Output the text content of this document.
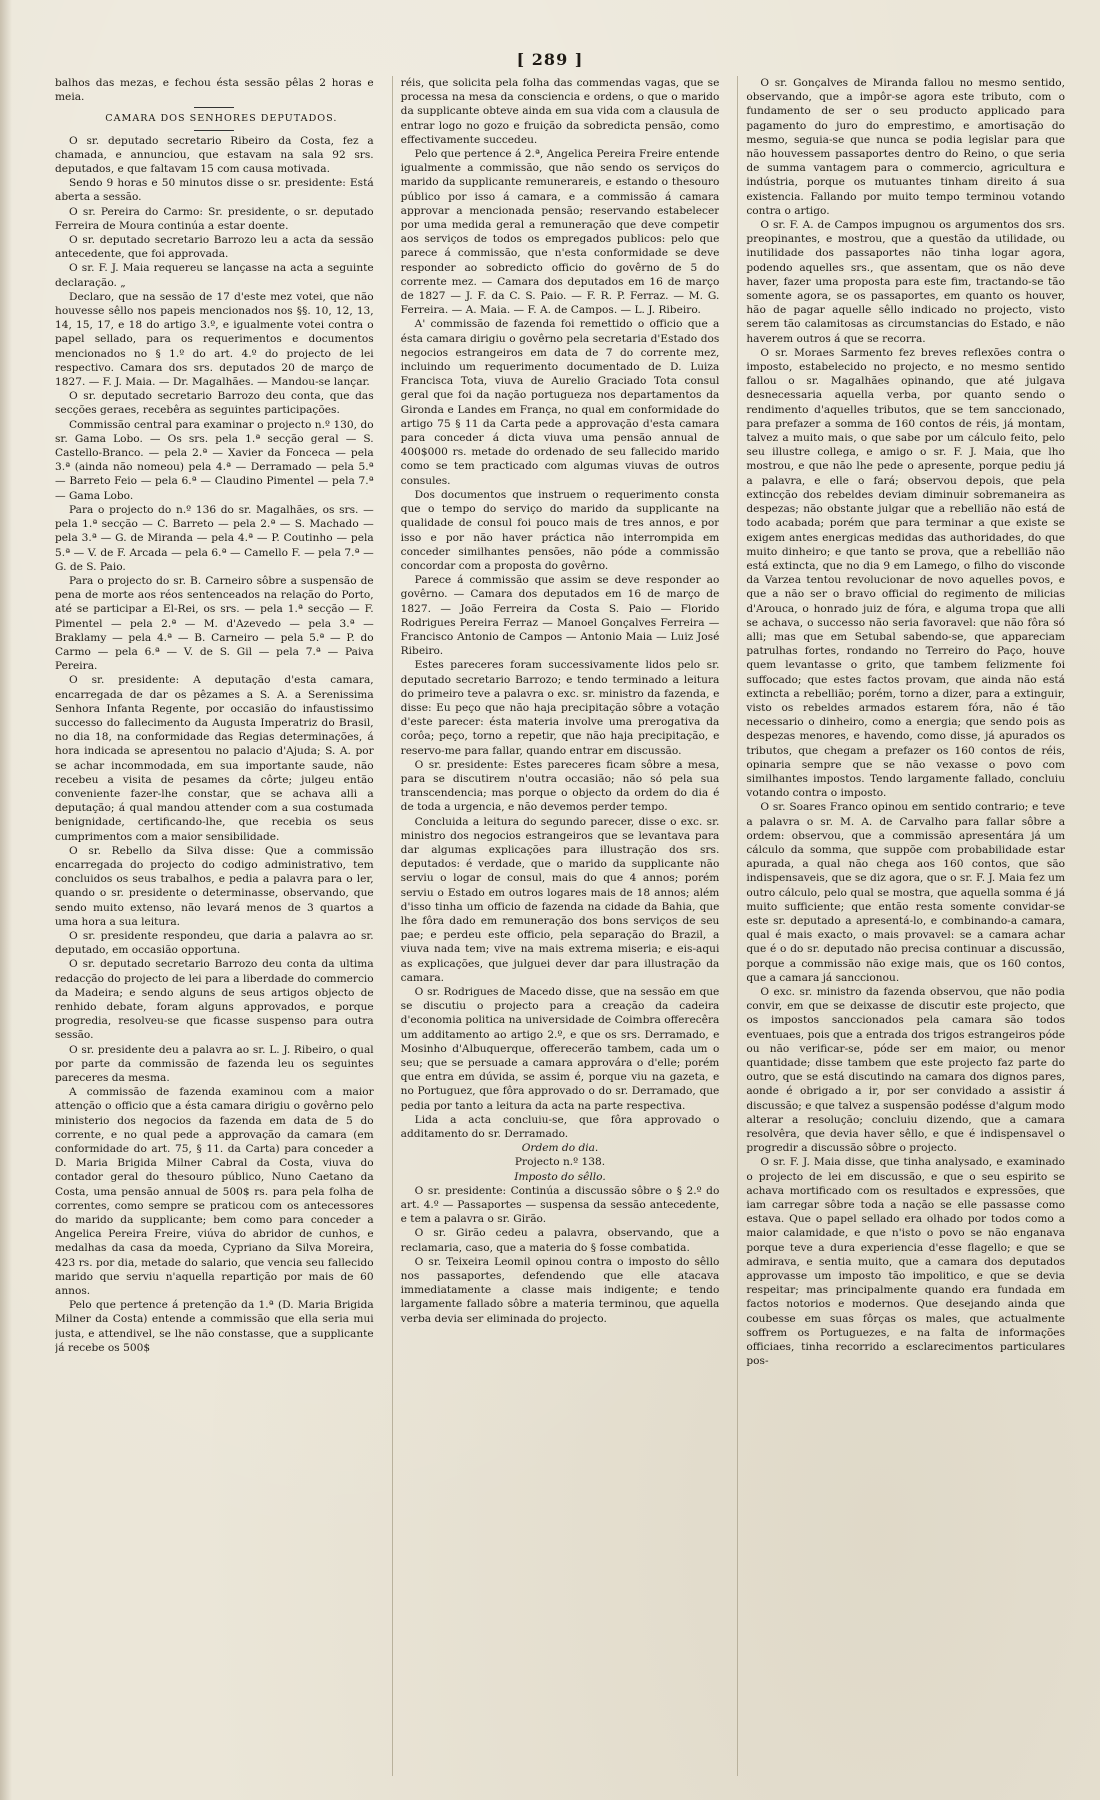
[ 289 ]

balhos das mezas, e fechou ésta sessão pêlas 2 horas e meia.

CAMARA DOS SENHORES DEPUTADOS.

O sr. deputado secretario Ribeiro da Costa, fez a chamada, e annunciou, que estavam na sala 92 srs. deputados, e que faltavam 15 com causa motivada.

Sendo 9 horas e 50 minutos disse o sr. presidente: Está aberta a sessão.

O sr. Pereira do Carmo: Sr. presidente, o sr. deputado Ferreira de Moura continúa a estar doente.

O sr. deputado secretario Barrozo leu a acta da sessão antecedente, que foi approvada.

O sr. F. J. Maia requereu se lançasse na acta a seguinte declaração. „

Declaro, que na sessão de 17 d'este mez votei, que não houvesse sêllo nos papeis mencionados nos §§. 10, 12, 13, 14, 15, 17, e 18 do artigo 3.º, e igualmente votei contra o papel sellado, para os requerimentos e documentos mencionados no § 1.º do art. 4.º do projecto de lei respectivo. Camara dos srs. deputados 20 de março de 1827. — F. J. Maia. — Dr. Magalhães. — Mandou-se lançar.

O sr. deputado secretario Barrozo deu conta, que das secções geraes, recebêra as seguintes participações.

Commissão central para examinar o projecto n.º 130, do sr. Gama Lobo. — Os srs. pela 1.ª secção geral — S. Castello-Branco. — pela 2.ª — Xavier da Fonceca — pela 3.ª (ainda não nomeou) pela 4.ª — Derramado — pela 5.ª — Barreto Feio — pela 6.ª — Claudino Pimentel — pela 7.ª — Gama Lobo.

Para o projecto do n.º 136 do sr. Magalhães, os srs. — pela 1.ª secção — C. Barreto — pela 2.ª — S. Machado — pela 3.ª — G. de Miranda — pela 4.ª — P. Coutinho — pela 5.ª — V. de F. Arcada — pela 6.ª — Camello F. — pela 7.ª — G. de S. Paio.

Para o projecto do sr. B. Carneiro sôbre a suspensão de pena de morte aos réos sentenceados na relação do Porto, até se participar a El-Rei, os srs. — pela 1.ª secção — F. Pimentel — pela 2.ª — M. d'Azevedo — pela 3.ª — Braklamy — pela 4.ª — B. Carneiro — pela 5.ª — P. do Carmo — pela 6.ª — V. de S. Gil — pela 7.ª — Paiva Pereira.

O sr. presidente: A deputação d'esta camara, encarregada de dar os pêzames a S. A. a Serenissima Senhora Infanta Regente, por occasião do infaustissimo successo do fallecimento da Augusta Imperatriz do Brasil, no dia 18, na conformidade das Regias determinações, á hora indicada se apresentou no palacio d'Ajuda; S. A. por se achar incommodada, em sua importante saude, não recebeu a visita de pesames da côrte; julgeu então conveniente fazer-lhe constar, que se achava alli a deputação; á qual mandou attender com a sua costumada benignidade, certificando-lhe, que recebia os seus cumprimentos com a maior sensibilidade.

O sr. Rebello da Silva disse: Que a commissão encarregada do projecto do codigo administrativo, tem concluidos os seus trabalhos, e pedia a palavra para o ler, quando o sr. presidente o determinasse, observando, que sendo muito extenso, não levará menos de 3 quartos a uma hora a sua leitura.

O sr. presidente respondeu, que daria a palavra ao sr. deputado, em occasião opportuna.

O sr. deputado secretario Barrozo deu conta da ultima redacção do projecto de lei para a liberdade do commercio da Madeira; e sendo alguns de seus artigos objecto de renhido debate, foram alguns approvados, e porque progredia, resolveu-se que ficasse suspenso para outra sessão.

O sr. presidente deu a palavra ao sr. L. J. Ribeiro, o qual por parte da commissão de fazenda leu os seguintes pareceres da mesma.

A commissão de fazenda examinou com a maior attenção o officio que a ésta camara dirigiu o govêrno pelo ministerio dos negocios da fazenda em data de 5 do corrente, e no qual pede a approvação da camara (em conformidade do art. 75, § 11. da Carta) para conceder a D. Maria Brigida Milner Cabral da Costa, viuva do contador geral do thesouro público, Nuno Caetano da Costa, uma pensão annual de 500$ rs. para pela folha de correntes, como sempre se praticou com os antecessores do marido da supplicante; bem como para conceder a Angelica Pereira Freire, viúva do abridor de cunhos, e medalhas da casa da moeda, Cypriano da Silva Moreira, 423 rs. por dia, metade do salario, que vencia seu fallecido marido que serviu n'aquella repartição por mais de 60 annos.

Pelo que pertence á pretenção da 1.ª (D. Maria Brigida Milner da Costa) entende a commissão que ella seria mui justa, e attendivel, se lhe não constasse, que a supplicante já recebe os 500$

réis, que solicita pela folha das commendas vagas, que se processa na mesa da consciencia e ordens, o que o marido da supplicante obteve ainda em sua vida com a clausula de entrar logo no gozo e fruição da sobredicta pensão, como effectivamente succedeu.

Pelo que pertence á 2.ª, Angelica Pereira Freire entende igualmente a commissão, que não sendo os serviços do marido da supplicante remunerareis, e estando o thesouro público por isso á camara, e a commissão á camara approvar a mencionada pensão; reservando estabelecer por uma medida geral a remuneração que deve competir aos serviços de todos os empregados publicos: pelo que parece á commissão, que n'esta conformidade se deve responder ao sobredicto officio do govêrno de 5 do corrente mez. — Camara dos deputados em 16 de março de 1827 — J. F. da C. S. Paio. — F. R. P. Ferraz. — M. G. Ferreira. — A. Maia. — F. A. de Campos. — L. J. Ribeiro.

A' commissão de fazenda foi remettido o officio que a ésta camara dirigiu o govêrno pela secretaria d'Estado dos negocios estrangeiros em data de 7 do corrente mez, incluindo um requerimento documentado de D. Luiza Francisca Tota, viuva de Aurelio Graciado Tota consul geral que foi da nação portugueza nos departamentos da Gironda e Landes em França, no qual em conformidade do artigo 75 § 11 da Carta pede a approvação d'esta camara para conceder á dicta viuva uma pensão annual de 400$000 rs. metade do ordenado de seu fallecido marido como se tem practicado com algumas viuvas de outros consules.

Dos documentos que instruem o requerimento consta que o tempo do serviço do marido da supplicante na qualidade de consul foi pouco mais de tres annos, e por isso e por não haver práctica não interrompida em conceder similhantes pensões, não póde a commissão concordar com a proposta do govêrno.

Parece á commissão que assim se deve responder ao govêrno. — Camara dos deputados em 16 de março de 1827. — João Ferreira da Costa S. Paio — Florido Rodrigues Pereira Ferraz — Manoel Gonçalves Ferreira — Francisco Antonio de Campos — Antonio Maia — Luiz José Ribeiro.

Estes pareceres foram successivamente lidos pelo sr. deputado secretario Barrozo; e tendo terminado a leitura do primeiro teve a palavra o exc. sr. ministro da fazenda, e disse: Eu peço que não haja precipitação sôbre a votação d'este parecer: ésta materia involve uma prerogativa da corôa; peço, torno a repetir, que não haja precipitação, e reservo-me para fallar, quando entrar em discussão.

O sr. presidente: Estes pareceres ficam sôbre a mesa, para se discutirem n'outra occasião; não só pela sua transcendencia; mas porque o objecto da ordem do dia é de toda a urgencia, e não devemos perder tempo.

Concluida a leitura do segundo parecer, disse o exc. sr. ministro dos negocios estrangeiros que se levantava para dar algumas explicações para illustração dos srs. deputados: é verdade, que o marido da supplicante não serviu o logar de consul, mais do que 4 annos; porém serviu o Estado em outros logares mais de 18 annos; além d'isso tinha um officio de fazenda na cidade da Bahia, que lhe fôra dado em remuneração dos bons serviços de seu pae; e perdeu este officio, pela separação do Brazil, a viuva nada tem; vive na mais extrema miseria; e eis-aqui as explicações, que julguei dever dar para illustração da camara.

O sr. Rodrigues de Macedo disse, que na sessão em que se discutiu o projecto para a creação da cadeira d'economia politica na universidade de Coimbra offerecêra um additamento ao artigo 2.º, e que os srs. Derramado, e Mosinho d'Albuquerque, offerecerão tambem, cada um o seu; que se persuade a camara approvára o d'elle; porém que entra em dúvida, se assim é, porque viu na gazeta, e no Portuguez, que fôra approvado o do sr. Derramado, que pedia por tanto a leitura da acta na parte respectiva.

Lida a acta concluiu-se, que fôra approvado o additamento do sr. Derramado.

Ordem do dia.

Projecto n.º 138.

Imposto do sêllo.

O sr. presidente: Continúa a discussão sôbre o § 2.º do art. 4.º — Passaportes — suspensa da sessão antecedente, e tem a palavra o sr. Girão.

O sr. Girão cedeu a palavra, observando, que a reclamaria, caso, que a materia do § fosse combatida.

O sr. Teixeira Leomil opinou contra o imposto do sêllo nos passaportes, defendendo que elle atacava immediatamente a classe mais indigente; e tendo largamente fallado sôbre a materia terminou, que aquella verba devia ser eliminada do projecto.

O sr. Gonçalves de Miranda fallou no mesmo sentido, observando, que a impôr-se agora este tributo, com o fundamento de ser o seu producto applicado para pagamento do juro do emprestimo, e amortisação do mesmo, seguia-se que nunca se podia legislar para que não houvessem passaportes dentro do Reino, o que seria de summa vantagem para o commercio, agricultura e indústria, porque os mutuantes tinham direito á sua existencia. Fallando por muito tempo terminou votando contra o artigo.

O sr. F. A. de Campos impugnou os argumentos dos srs. preopinantes, e mostrou, que a questão da utilidade, ou inutilidade dos passaportes não tinha logar agora, podendo aquelles srs., que assentam, que os não deve haver, fazer uma proposta para este fim, tractando-se tão somente agora, se os passaportes, em quanto os houver, hão de pagar aquelle sêllo indicado no projecto, visto serem tão calamitosas as circumstancias do Estado, e não haverem outros á que se recorra.

O sr. Moraes Sarmento fez breves reflexões contra o imposto, estabelecido no projecto, e no mesmo sentido fallou o sr. Magalhães opinando, que até julgava desnecessaria aquella verba, por quanto sendo o rendimento d'aquelles tributos, que se tem sanccionado, para prefazer a somma de 160 contos de réis, já montam, talvez a muito mais, o que sabe por um cálculo feito, pelo seu illustre collega, e amigo o sr. F. J. Maia, que lho mostrou, e que não lhe pede o apresente, porque pediu já a palavra, e elle o fará; observou depois, que pela extincção dos rebeldes deviam diminuir sobremaneira as despezas; não obstante julgar que a rebellião não está de todo acabada; porém que para terminar a que existe se exigem antes energicas medidas das authoridades, do que muito dinheiro; e que tanto se prova, que a rebellião não está extincta, que no dia 9 em Lamego, o filho do visconde da Varzea tentou revolucionar de novo aquelles povos, e que a não ser o bravo official do regimento de milicias d'Arouca, o honrado juiz de fóra, e alguma tropa que alli se achava, o successo não seria favoravel: que não fôra só alli; mas que em Setubal sabendo-se, que appareciam patrulhas fortes, rondando no Terreiro do Paço, houve quem levantasse o grito, que tambem felizmente foi suffocado; que estes factos provam, que ainda não está extincta a rebellião; porém, torno a dizer, para a extinguir, visto os rebeldes armados estarem fóra, não é tão necessario o dinheiro, como a energia; que sendo pois as despezas menores, e havendo, como disse, já apurados os tributos, que chegam a prefazer os 160 contos de réis, opinaria sempre que se não vexasse o povo com similhantes impostos. Tendo largamente fallado, concluiu votando contra o imposto.

O sr. Soares Franco opinou em sentido contrario; e teve a palavra o sr. M. A. de Carvalho para fallar sôbre a ordem: observou, que a commissão apresentára já um cálculo da somma, que suppõe com probabilidade estar apurada, a qual não chega aos 160 contos, que são indispensaveis, que se diz agora, que o sr. F. J. Maia fez um outro cálculo, pelo qual se mostra, que aquella somma é já muito sufficiente; que então resta somente convidar-se este sr. deputado a apresentá-lo, e combinando-a camara, qual é mais exacto, o mais provavel: se a camara achar que é o do sr. deputado não precisa continuar a discussão, porque a commissão não exige mais, que os 160 contos, que a camara já sanccionou.

O exc. sr. ministro da fazenda observou, que não podia convir, em que se deixasse de discutir este projecto, que os impostos sanccionados pela camara são todos eventuaes, pois que a entrada dos trigos estrangeiros póde ou não verificar-se, póde ser em maior, ou menor quantidade; disse tambem que este projecto faz parte do outro, que se está discutindo na camara dos dignos pares, aonde é obrigado a ir, por ser convidado a assistir á discussão; e que talvez a suspensão podésse d'algum modo alterar a resolução; concluiu dizendo, que a camara resolvêra, que devia haver sêllo, e que é indispensavel o progredir a discussão sôbre o projecto.

O sr. F. J. Maia disse, que tinha analysado, e examinado o projecto de lei em discussão, e que o seu espirito se achava mortificado com os resultados e expressões, que iam carregar sôbre toda a nação se elle passasse como estava. Que o papel sellado era olhado por todos como a maior calamidade, e que n'isto o povo se não enganava porque teve a dura experiencia d'esse flagello; e que se admirava, e sentia muito, que a camara dos deputados approvasse um imposto tão impolitico, e que se devia respeitar; mas principalmente quando era fundada em factos notorios e modernos. Que desejando ainda que coubesse em suas fôrças os males, que actualmente soffrem os Portuguezes, e na falta de informações officiaes, tinha recorrido a esclarecimentos particulares pos-
